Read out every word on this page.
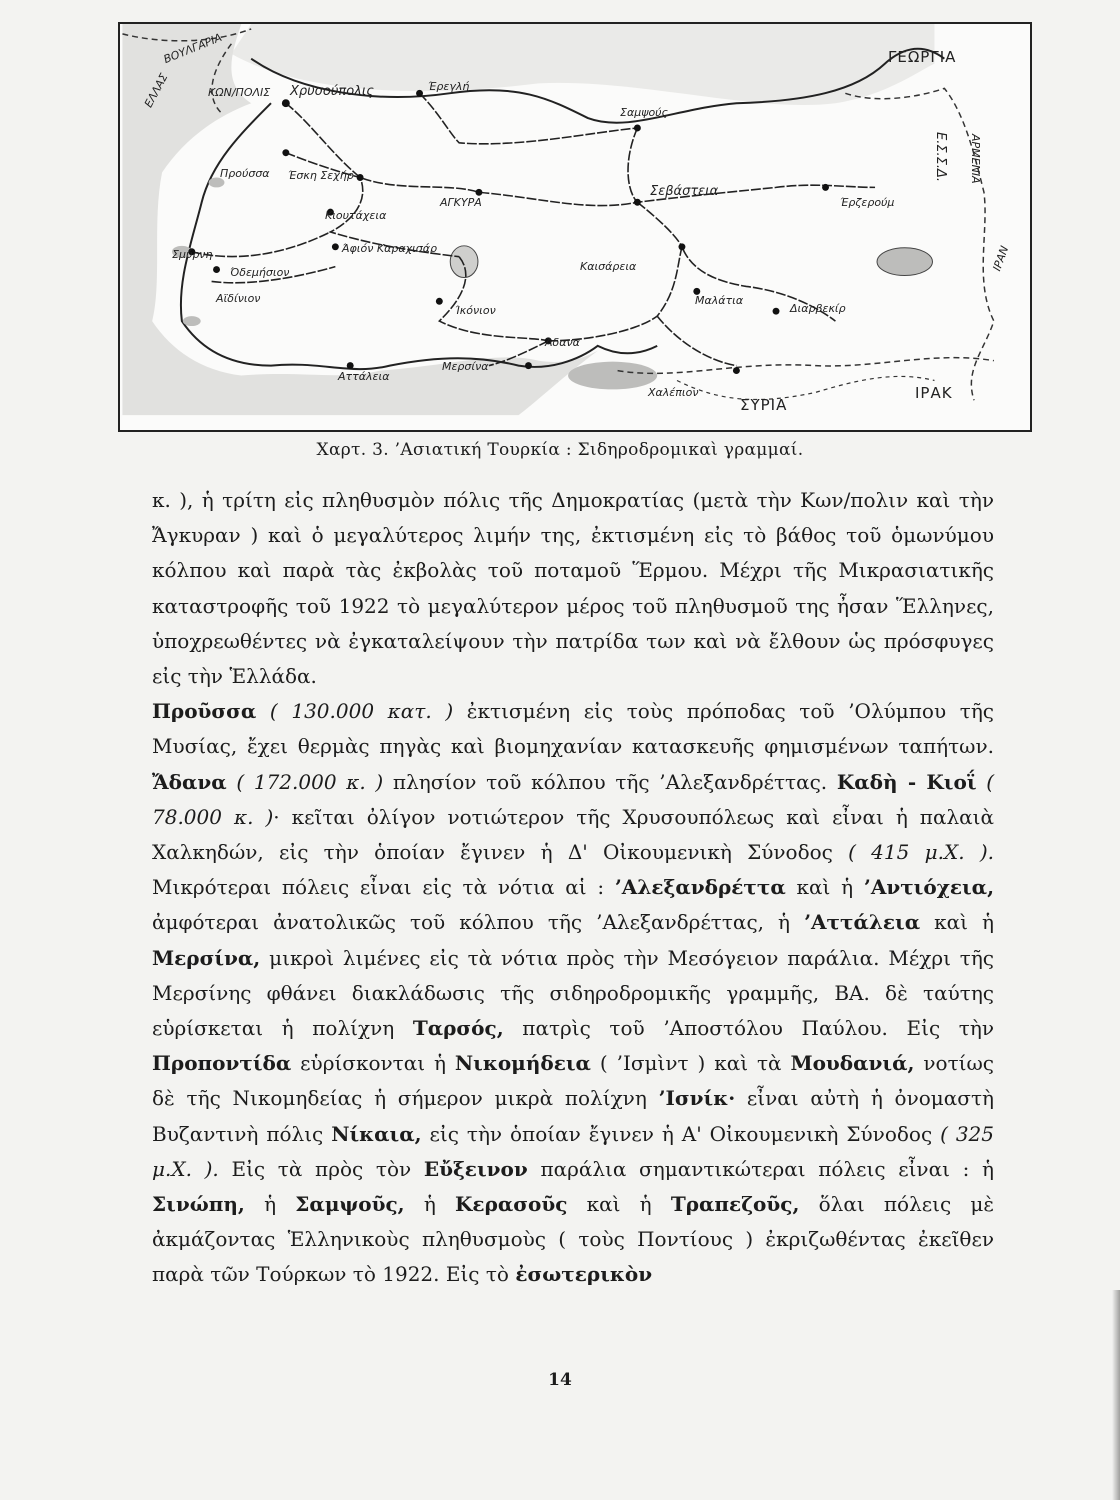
ΒΟΥΛΓΑΡΙΑ
ΕΛΛΑΣ	ΚΩΝ/ΠΟΛΙΣ Χρυσούπολις	Έρεγλή
Σαμψούς
ΓΕΩΡΓΙΑ
ΑΡΜΕΝΙΑ
Ε.Σ.Σ.Δ.
Προύσσα Έσκη Σεχήρ
ΑΓΚΥΡΑ
Κιουτάχεια
Σεβάστεια
Έρζερούμ
Άφιόν Καραχισάρ
Σμύρνη
Όδεμήσιον
Αϊδίνιον
Καισάρεια
Ίκόνιον
Μαλάτια
Διαρβεκίρ
ΙΡΑΝ
Άδανα
Μερσίνα
Αττάλεια
Χαλέπιον
ΣΥΡΙΑ
ΙΡΑΚ
Χαρτ. 3. ’Ασιατική Τουρκία : Σιδηροδρομικαὶ γραμμαί.

κ. ), ἡ τρίτη εἰς πληθυσμὸν πόλις τῆς Δημοκρατίας (μετὰ τὴν Κων/πολιν καὶ τὴν Ἄγκυραν ) καὶ ὁ μεγαλύτερος λιμήν της, ἐκτισμένη εἰς τὸ βάθος τοῦ ὁμωνύμου κόλπου καὶ παρὰ τὰς ἐκβολὰς τοῦ ποταμοῦ Ἕρμου. Μέχρι τῆς Μικρασιατικῆς καταστροφῆς τοῦ 1922 τὸ μεγαλύτερον μέρος τοῦ πληθυσμοῦ της ἦσαν Ἕλληνες, ὑποχρεωθέντες νὰ ἐγκαταλείψουν τὴν πατρίδα των καὶ νὰ ἔλθουν ὡς πρόσφυγες εἰς τὴν Ἑλλάδα.

Προῦσσα ( 130.000 κατ. ) ἐκτισμένη εἰς τοὺς πρόποδας τοῦ ’Ολύμπου τῆς Μυσίας, ἔχει θερμὰς πηγὰς καὶ βιομηχανίαν κατασκευῆς φημισμένων ταπήτων. Ἄδανα ( 172.000 κ. ) πλησίον τοῦ κόλπου τῆς ’Αλεξανδρέττας. Καδὴ - Κιοΐ ( 78.000 κ. )· κεῖται ὀλίγον νοτιώτερον τῆς Χρυσουπόλεως καὶ εἶναι ἡ παλαιὰ Χαλκηδών, εἰς τὴν ὁποίαν ἔγινεν ἡ Δ' Οἰκουμενικὴ Σύνοδος ( 415 μ.Χ. ). Μικρότεραι πόλεις εἶναι εἰς τὰ νότια αἱ : ’Αλεξανδρέττα καὶ ἡ ’Αντιόχεια, ἀμφότεραι ἀνατολικῶς τοῦ κόλπου τῆς ’Αλεξανδρέττας, ἡ ’Αττάλεια καὶ ἡ Μερσίνα, μικροὶ λιμένες εἰς τὰ νότια πρὸς τὴν Μεσόγειον παράλια. Μέχρι τῆς Μερσίνης φθάνει διακλάδωσις τῆς σιδηροδρομικῆς γραμμῆς, ΒΑ. δὲ ταύτης εὑρίσκεται ἡ πολίχνη Ταρσός, πατρὶς τοῦ ’Αποστόλου Παύλου. Εἰς τὴν Προποντίδα εὑρίσκονται ἡ Νικομήδεια ( ’Ισμὶντ ) καὶ τὰ Μουδανιά, νοτίως δὲ τῆς Νικομηδείας ἡ σήμερον μικρὰ πολίχνη ’Ισνίκ· εἶναι αὐτὴ ἡ ὀνομαστὴ Βυζαντινὴ πόλις Νίκαια, εἰς τὴν ὁποίαν ἔγινεν ἡ Α' Οἰκουμενικὴ Σύνοδος ( 325 μ.Χ. ). Εἰς τὰ πρὸς τὸν Εὔξεινον παράλια σημαντικώτεραι πόλεις εἶναι : ἡ Σινώπη, ἡ Σαμψοῦς, ἡ Κερασοῦς καὶ ἡ Τραπεζοῦς, ὅλαι πόλεις μὲ ἀκμάζοντας Ἑλληνικοὺς πληθυσμοὺς ( τοὺς Ποντίους ) ἐκριζωθέντας ἐκεῖθεν παρὰ τῶν Τούρκων τὸ 1922. Εἰς τὸ ἐσωτερικὸν

14
